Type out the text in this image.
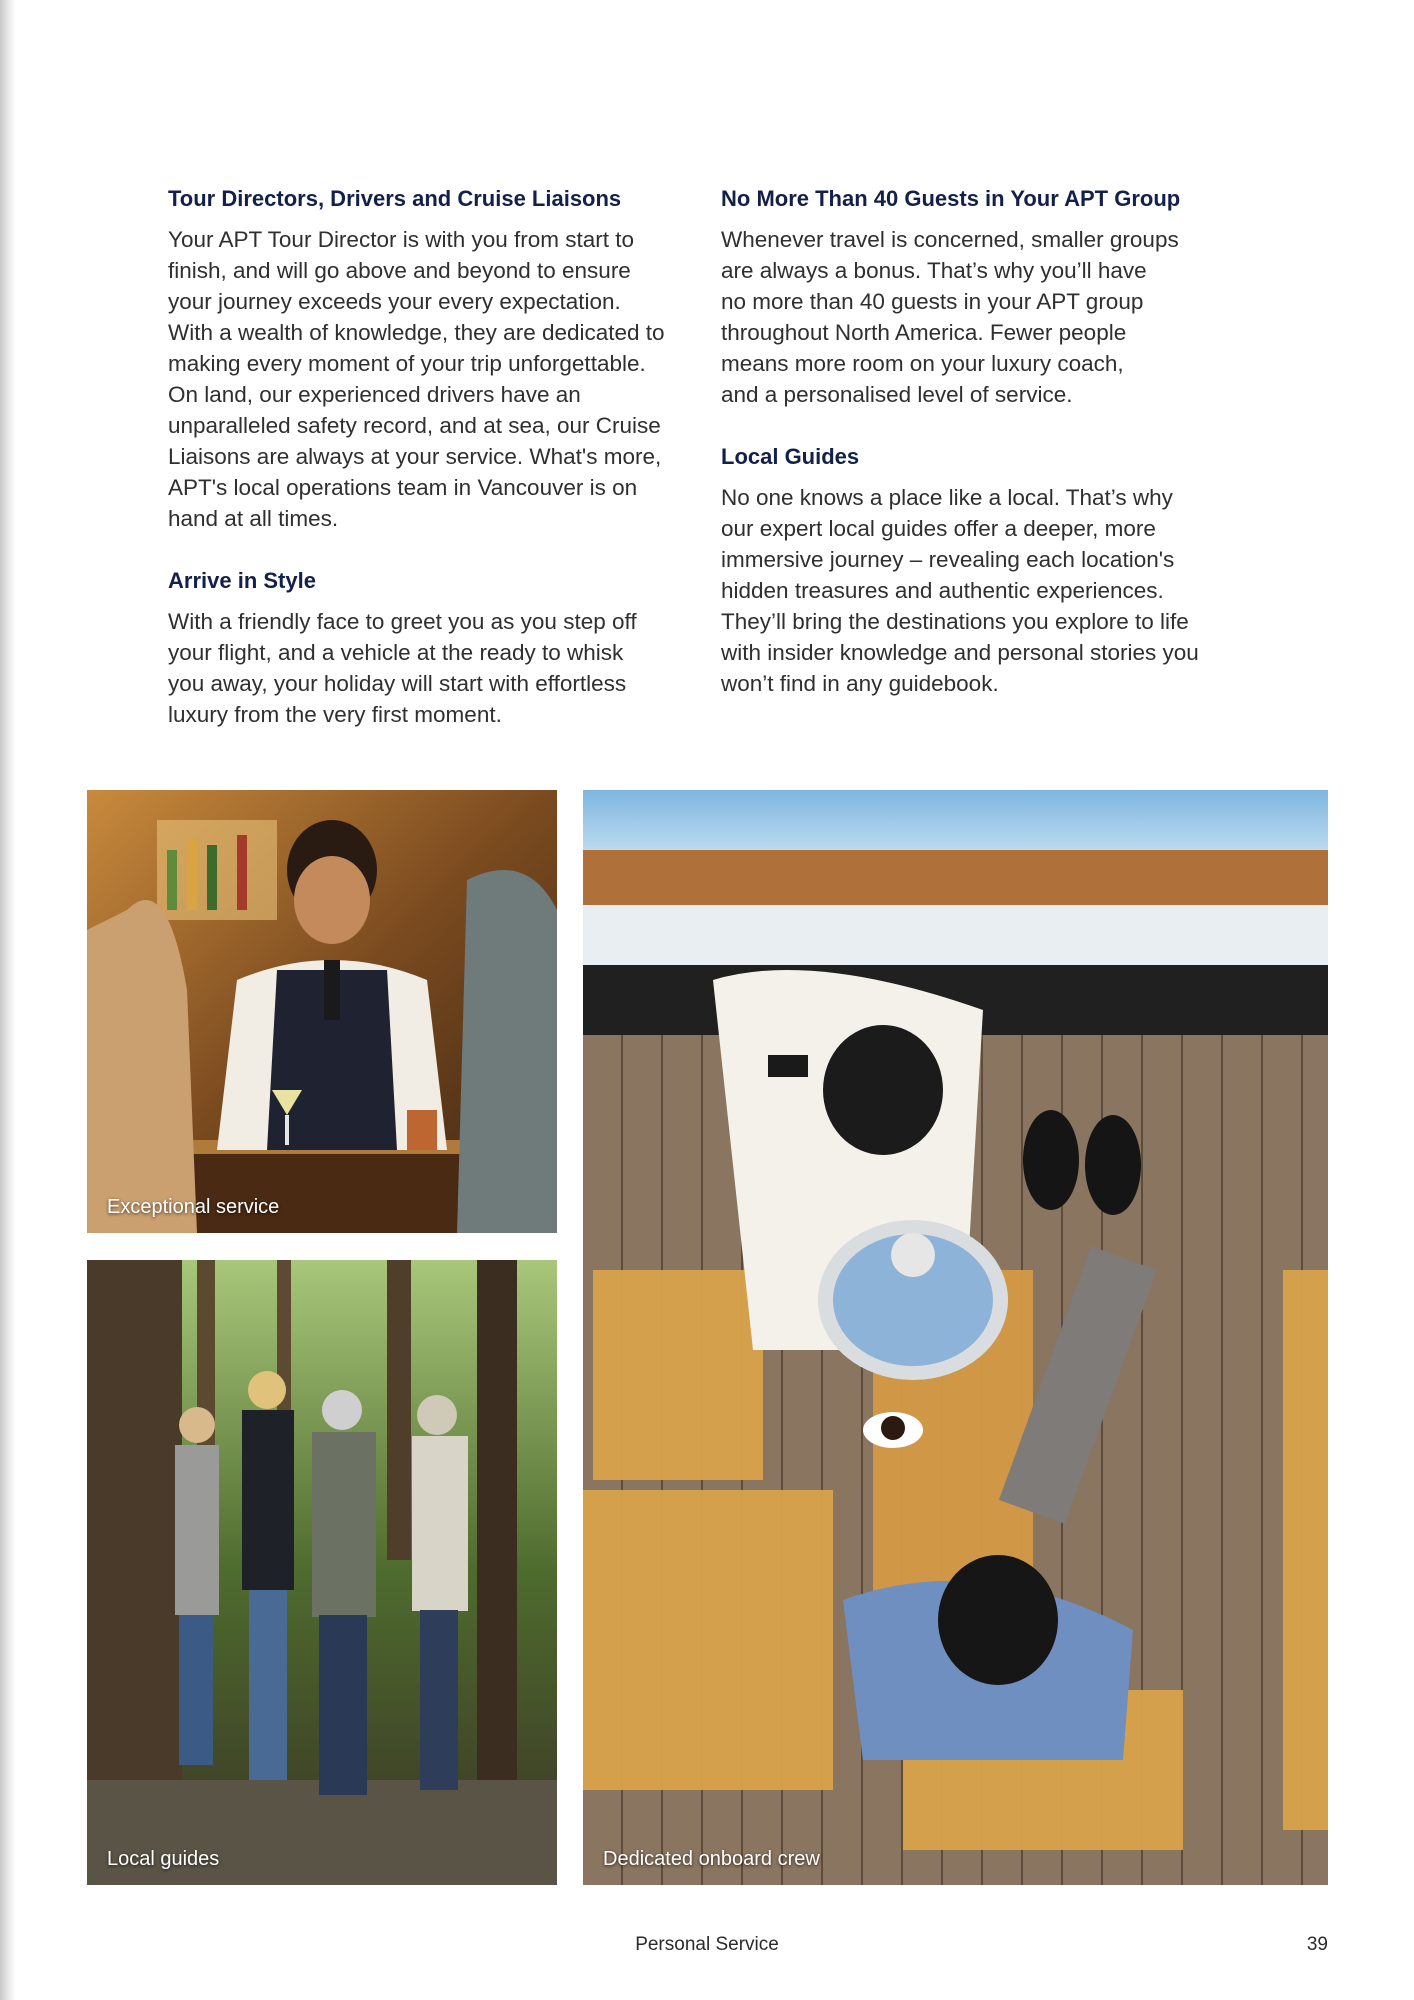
Tour Directors, Drivers and Cruise Liaisons

Your APT Tour Director is with you from start to
finish, and will go above and beyond to ensure
your journey exceeds your every expectation.
With a wealth of knowledge, they are dedicated to
making every moment of your trip unforgettable.
On land, our experienced drivers have an
unparalleled safety record, and at sea, our Cruise
Liaisons are always at your service. What's more,
APT's local operations team in Vancouver is on
hand at all times.

Arrive in Style

With a friendly face to greet you as you step off
your flight, and a vehicle at the ready to whisk
you away, your holiday will start with effortless
luxury from the very first moment.

No More Than 40 Guests in Your APT Group

Whenever travel is concerned, smaller groups
are always a bonus. That’s why you’ll have
no more than 40 guests in your APT group
throughout North America. Fewer people
means more room on your luxury coach,
and a personalised level of service.

Local Guides

No one knows a place like a local. That’s why
our expert local guides offer a deeper, more
immersive journey – revealing each location's
hidden treasures and authentic experiences.
They’ll bring the destinations you explore to life
with insider knowledge and personal stories you
won’t find in any guidebook.

Exceptional service
Local guides	Dedicated onboard crew
Personal Service	39
